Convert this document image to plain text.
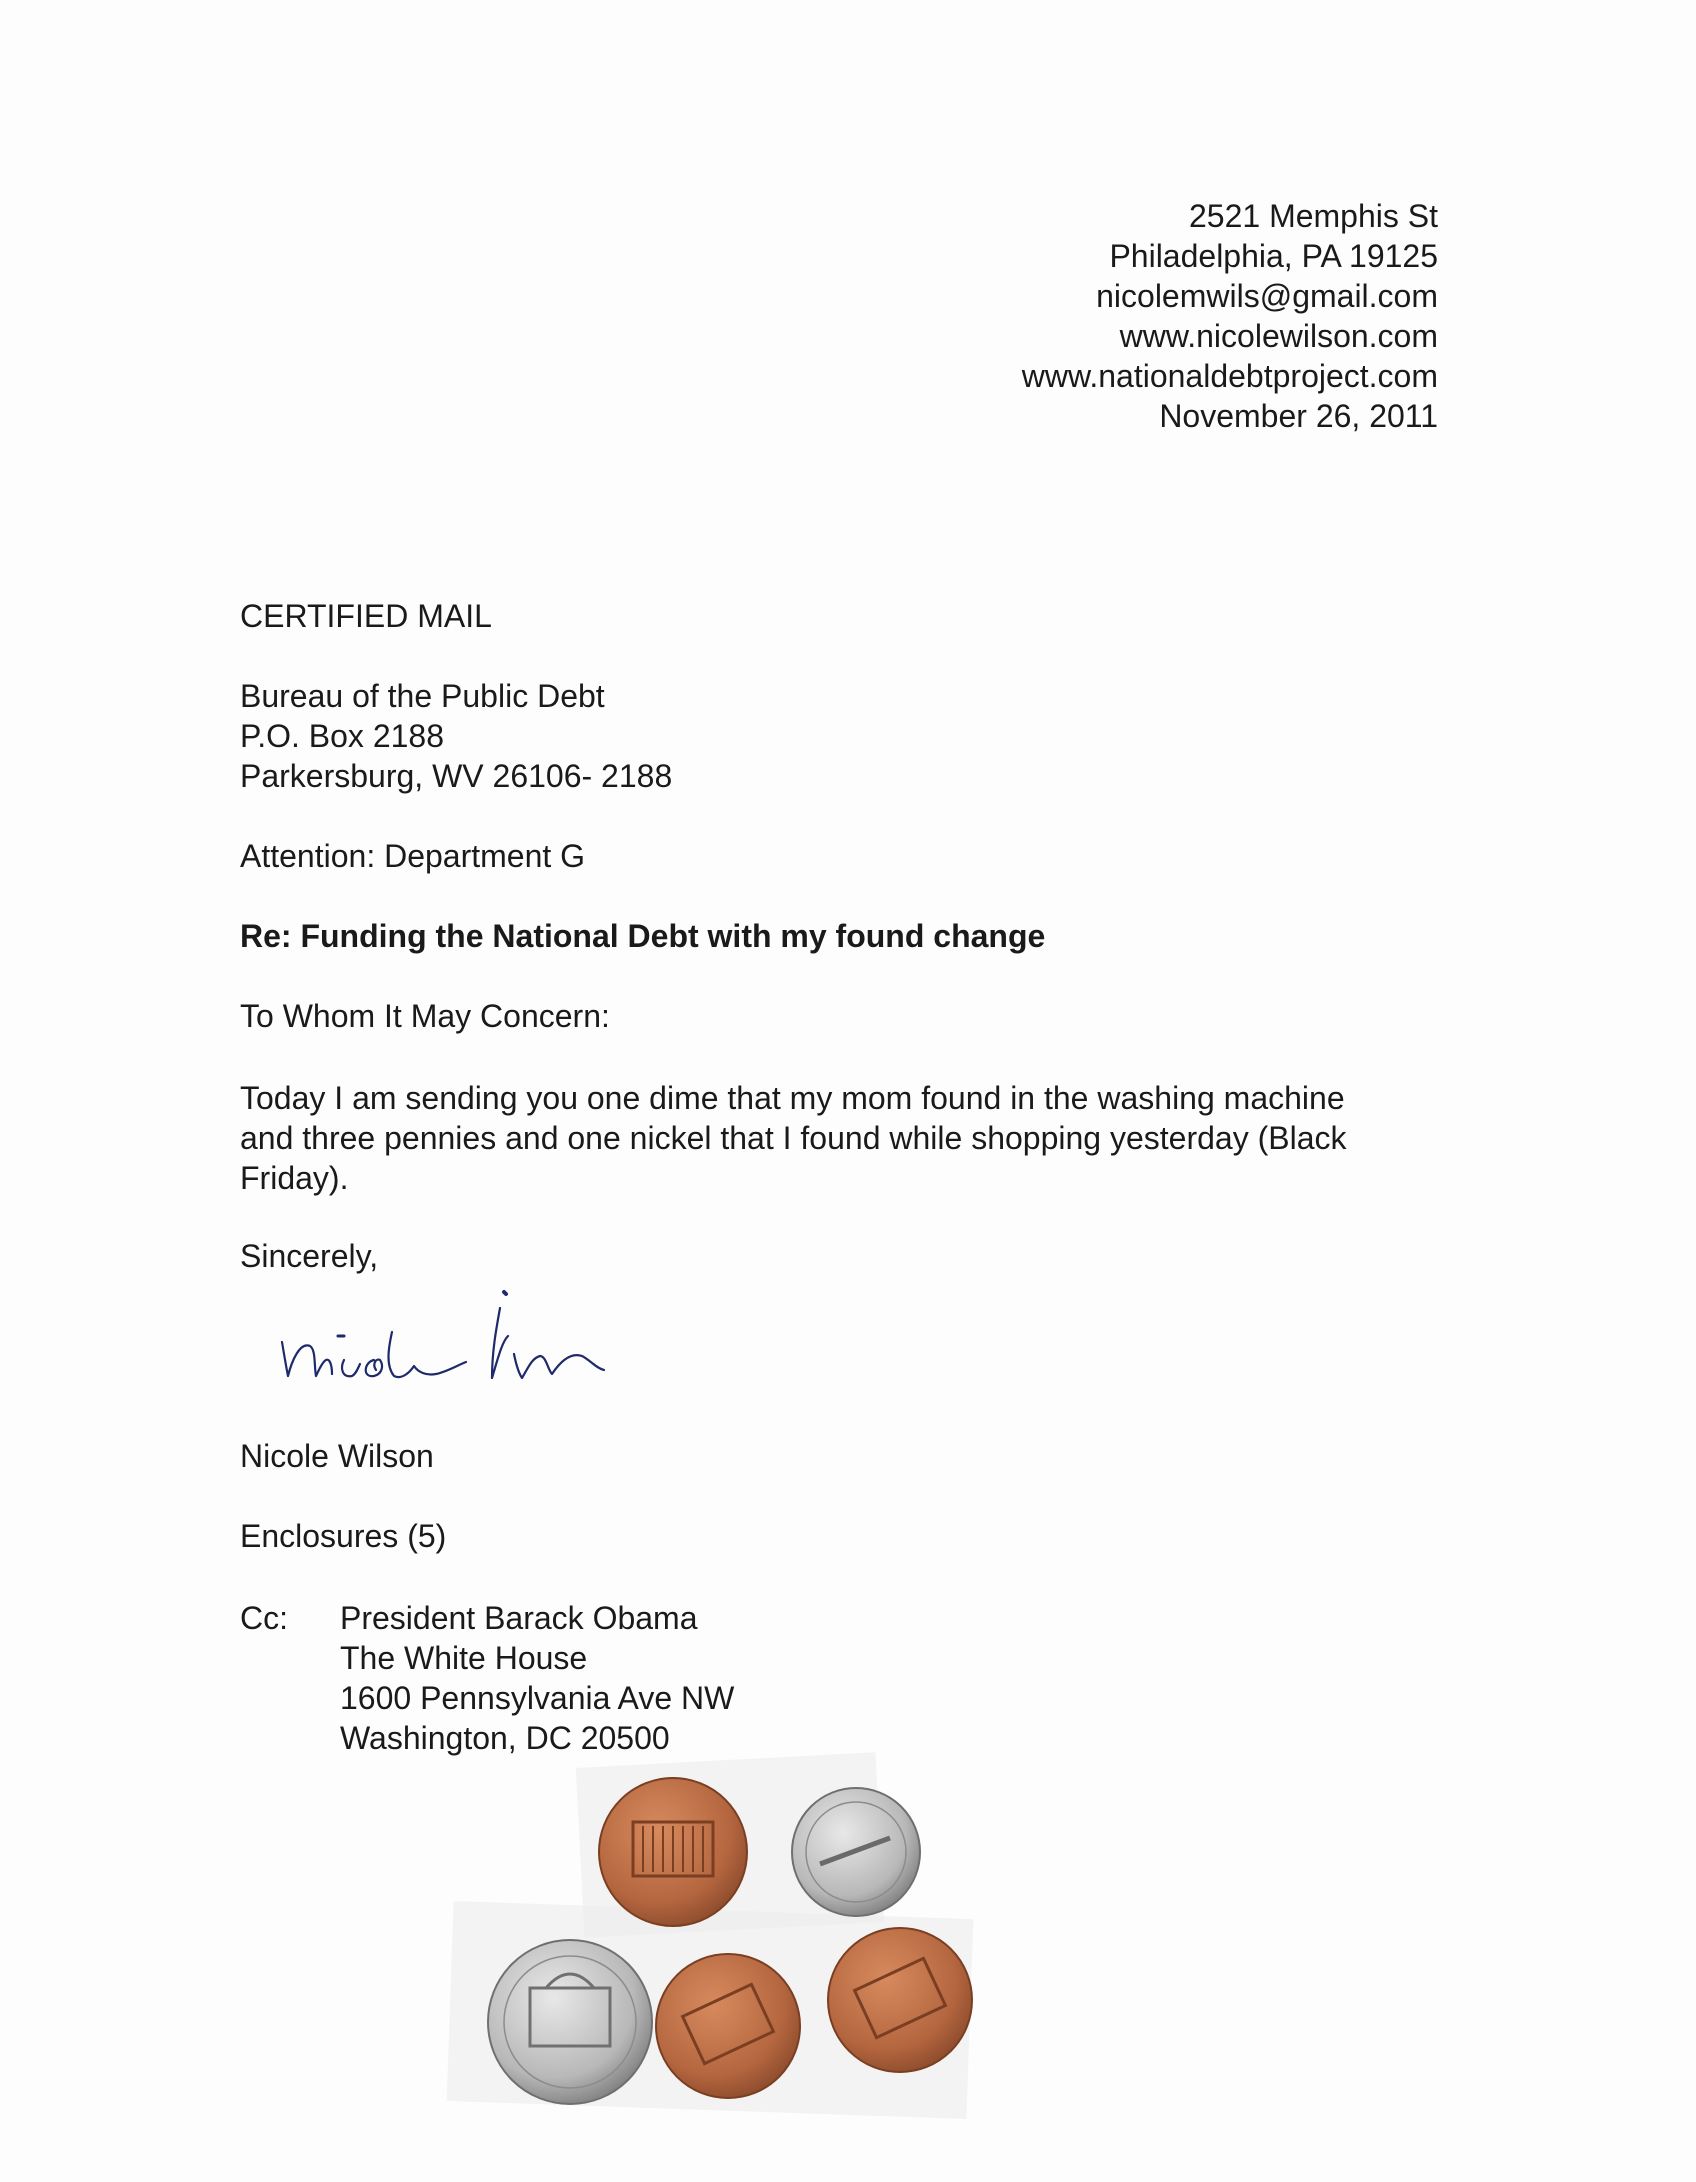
2521 Memphis St
Philadelphia, PA 19125
nicolemwils@gmail.com
www.nicolewilson.com
www.nationaldebtproject.com
November 26, 2011
CERTIFIED MAIL
Bureau of the Public Debt
P.O. Box 2188
Parkersburg, WV 26106- 2188
Attention: Department G
Re: Funding the National Debt with my found change
To Whom It May Concern:
Today I am sending you one dime that my mom found in the washing machine
and three pennies and one nickel that I found while shopping yesterday (Black
Friday).
Sincerely,
Nicole Wilson
Enclosures (5)
Cc: President Barack Obama
The White House
1600 Pennsylvania Ave NW
Washington, DC 20500
